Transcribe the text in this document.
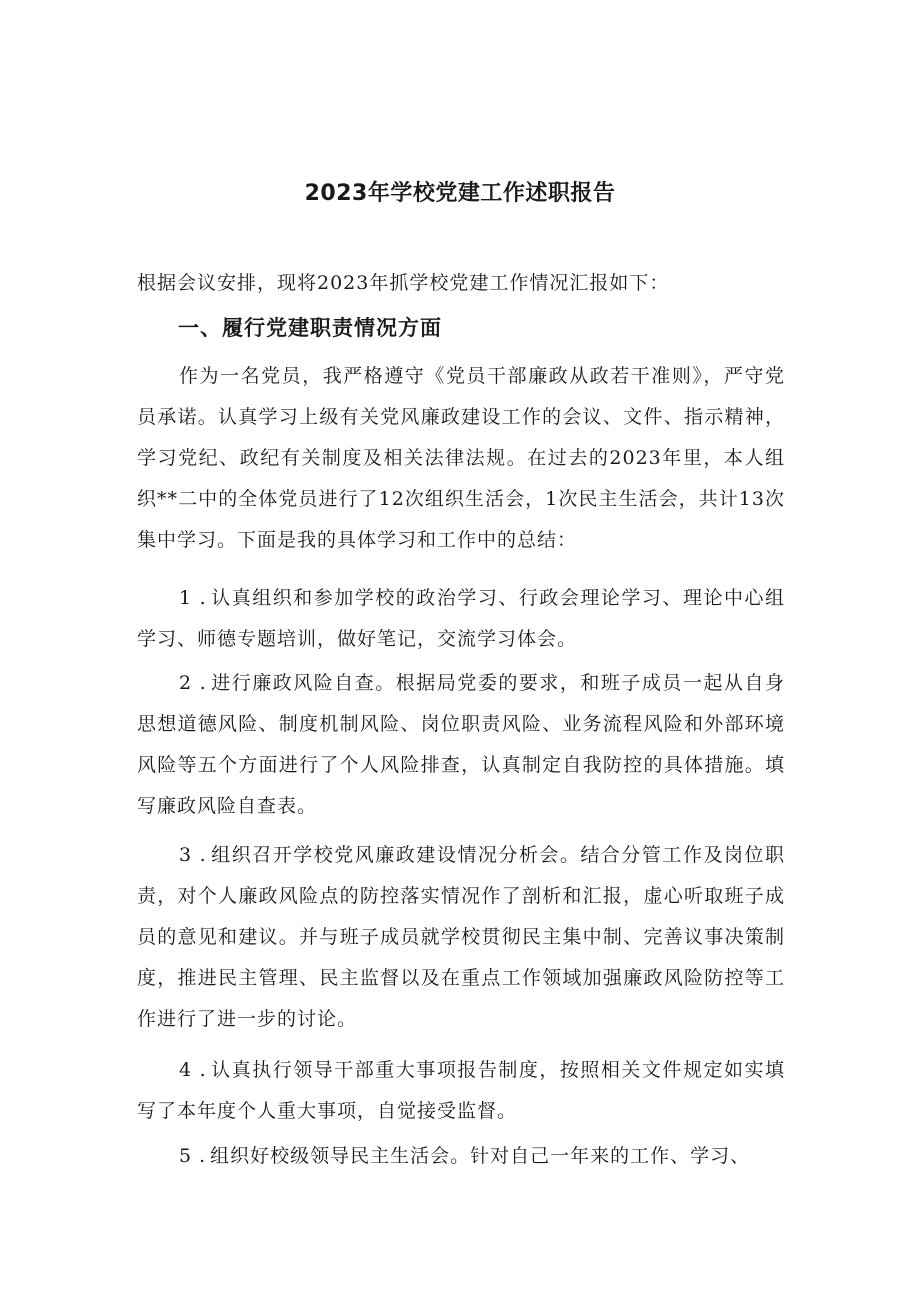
2023年学校党建工作述职报告
根据会议安排，现将2023年抓学校党建工作情况汇报如下：
一、履行党建职责情况方面

作为一名党员，我严格遵守《党员干部廉政从政若干准则》，严守党员承诺。认真学习上级有关党风廉政建设工作的会议、文件、指示精神，学习党纪、政纪有关制度及相关法律法规。在过去的2023年里，本人组织**二中的全体党员进行了12次组织生活会，1次民主生活会，共计13次集中学习。下面是我的具体学习和工作中的总结：

1 . 认真组织和参加学校的政治学习、行政会理论学习、理论中心组学习、师德专题培训，做好笔记，交流学习体会。

2 . 进行廉政风险自查。根据局党委的要求，和班子成员一起从自身思想道德风险、制度机制风险、岗位职责风险、业务流程风险和外部环境风险等五个方面进行了个人风险排查，认真制定自我防控的具体措施。填写廉政风险自查表。

3 . 组织召开学校党风廉政建设情况分析会。结合分管工作及岗位职责，对个人廉政风险点的防控落实情况作了剖析和汇报，虚心听取班子成员的意见和建议。并与班子成员就学校贯彻民主集中制、完善议事决策制度，推进民主管理、民主监督以及在重点工作领域加强廉政风险防控等工作进行了进一步的讨论。

4 . 认真执行领导干部重大事项报告制度，按照相关文件规定如实填写了本年度个人重大事项，自觉接受监督。

5 . 组织好校级领导民主生活会。针对自己一年来的工作、学习、
